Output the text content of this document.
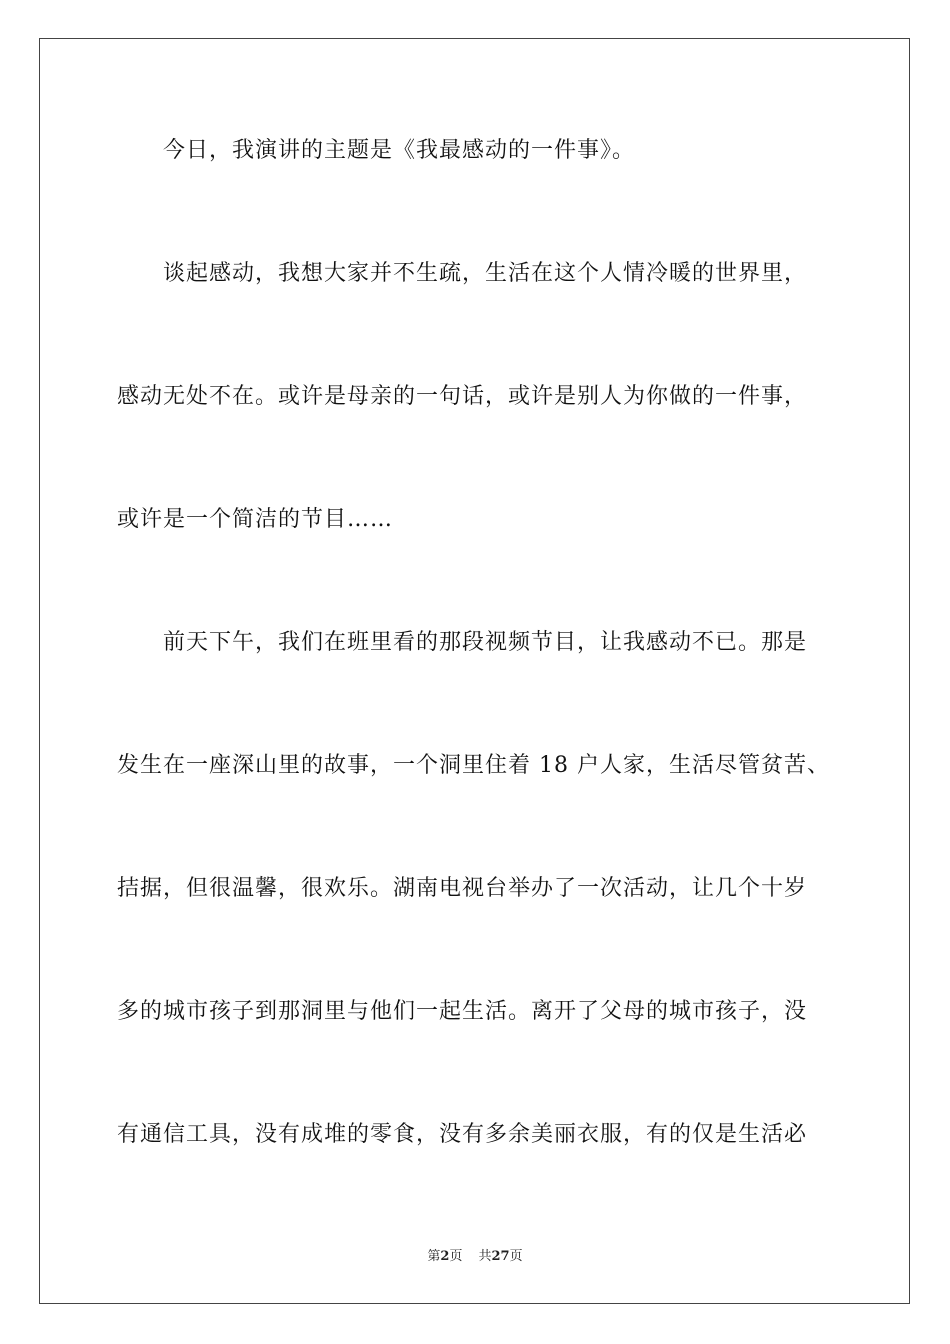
　　今日，我演讲的主题是《我最感动的一件事》。
　　谈起感动，我想大家并不生疏，生活在这个人情冷暖的世界里，
感动无处不在。或许是母亲的一句话，或许是别人为你做的一件事，
或许是一个简洁的节目……
　　前天下午，我们在班里看的那段视频节目，让我感动不已。那是
发生在一座深山里的故事，一个洞里住着 18 户人家，生活尽管贫苦、
拮据，但很温馨，很欢乐。湖南电视台举办了一次活动，让几个十岁
多的城市孩子到那洞里与他们一起生活。离开了父母的城市孩子，没
有通信工具，没有成堆的零食，没有多余美丽衣服，有的仅是生活必
第2页 共27页
